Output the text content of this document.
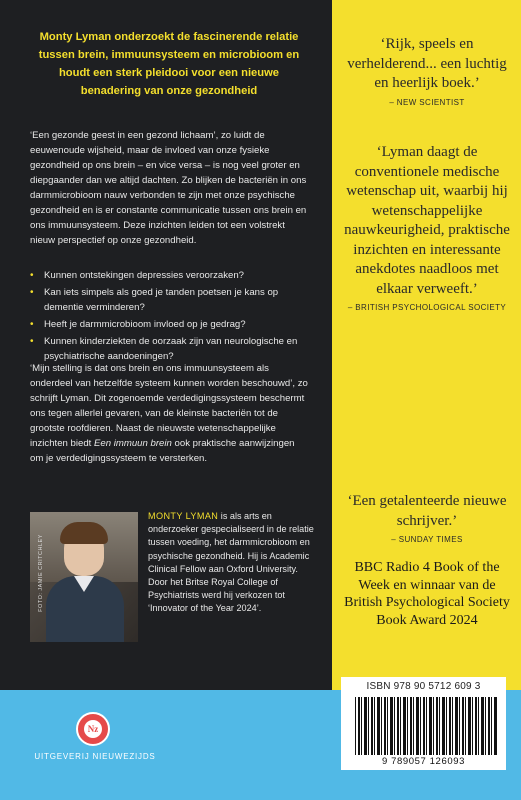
Monty Lyman onderzoekt de fascinerende relatie tussen brein, immuunsysteem en microbioom en houdt een sterk pleidooi voor een nieuwe benadering van onze gezondheid
‘Een gezonde geest in een gezond lichaam’, zo luidt de eeuwenoude wijsheid, maar de invloed van onze fysieke gezondheid op ons brein – en vice versa – is nog veel groter en diepgaander dan we altijd dachten. Zo blijken de bacteriën in ons darmmicrobioom nauw verbonden te zijn met onze psychische gezondheid en is er constante communicatie tussen ons brein en ons immuunsysteem. Deze inzichten leiden tot een volstrekt nieuw perspectief op onze gezondheid.
• Kunnen ontstekingen depressies veroorzaken?
• Kan iets simpels als goed je tanden poetsen je kans op dementie verminderen?
• Heeft je darmmicrobioom invloed op je gedrag?
• Kunnen kinderziekten de oorzaak zijn van neurologische en psychiatrische aandoeningen?
‘Mijn stelling is dat ons brein en ons immuunsysteem als onderdeel van hetzelfde systeem kunnen worden beschouwd’, zo schrijft Lyman. Dit zogenoemde verdedigingssysteem beschermt ons tegen allerlei gevaren, van de kleinste bacteriën tot de grootste roofdieren. Naast de nieuwste wetenschappelijke inzichten biedt Een immuun brein ook praktische aanwijzingen om je verdedigingssysteem te versterken.
FOTO: JAMIE CRITCHLEY
MONTY LYMAN is als arts en onderzoeker gespecialiseerd in de relatie tussen voeding, het darmmicrobioom en psychische gezondheid. Hij is Academic Clinical Fellow aan Oxford University. Door het Britse Royal College of Psychiatrists werd hij verkozen tot ‘Innovator of the Year 2024’.
‘Rijk, speels en verhelderend... een luchtig en heerlijk boek.’
– NEW SCIENTIST
‘Lyman daagt de conventionele medische wetenschap uit, waarbij hij wetenschappelijke nauwkeurigheid, praktische inzichten en interessante anekdotes naadloos met elkaar verweeft.’
– BRITISH PSYCHOLOGICAL SOCIETY
‘Een getalenteerde nieuwe schrijver.’
– SUNDAY TIMES
BBC Radio 4 Book of the Week en winnaar van de British Psychological Society Book Award 2024
ISBN 978 90 5712 609 3
9 789057 126093
Nz
UITGEVERIJ NIEUWEZIJDS
